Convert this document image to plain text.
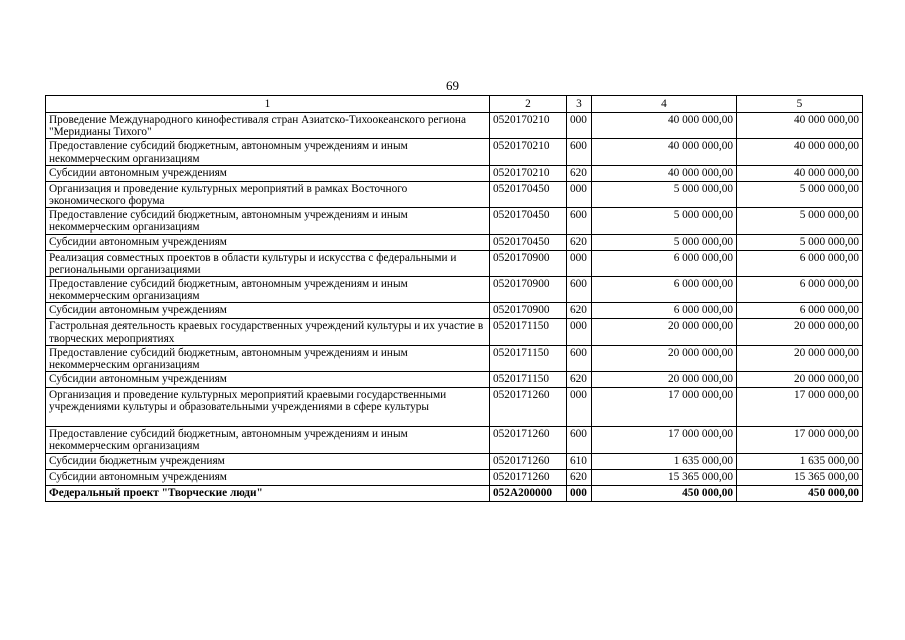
69
1	2	3	4	5
Проведение Международного кинофестиваля стран Азиатско-Тихоокеанского региона "Меридианы Тихого"	0520170210	000	40 000 000,00	40 000 000,00
Предоставление субсидий бюджетным, автономным учреждениям и иным некоммерческим организациям	0520170210	600	40 000 000,00	40 000 000,00
Субсидии автономным учреждениям	0520170210	620	40 000 000,00	40 000 000,00
Организация и проведение культурных мероприятий в рамках Восточного экономического форума	0520170450	000	5 000 000,00	5 000 000,00
Предоставление субсидий бюджетным, автономным учреждениям и иным некоммерческим организациям	0520170450	600	5 000 000,00	5 000 000,00
Субсидии автономным учреждениям	0520170450	620	5 000 000,00	5 000 000,00
Реализация совместных проектов в области культуры и искусства с федеральными и региональными организациями	0520170900	000	6 000 000,00	6 000 000,00
Предоставление субсидий бюджетным, автономным учреждениям и иным некоммерческим организациям	0520170900	600	6 000 000,00	6 000 000,00
Субсидии автономным учреждениям	0520170900	620	6 000 000,00	6 000 000,00
Гастрольная деятельность краевых государственных учреждений культуры и их участие в творческих мероприятиях	0520171150	000	20 000 000,00	20 000 000,00
Предоставление субсидий бюджетным, автономным учреждениям и иным некоммерческим организациям	0520171150	600	20 000 000,00	20 000 000,00
Субсидии автономным учреждениям	0520171150	620	20 000 000,00	20 000 000,00
Организация и проведение культурных мероприятий краевыми государственными учреждениями культуры и образовательными учреждениями в сфере культуры	0520171260	000	17 000 000,00	17 000 000,00
Предоставление субсидий бюджетным, автономным учреждениям и иным некоммерческим организациям	0520171260	600	17 000 000,00	17 000 000,00
Субсидии бюджетным учреждениям	0520171260	610	1 635 000,00	1 635 000,00
Субсидии автономным учреждениям	0520171260	620	15 365 000,00	15 365 000,00
Федеральный проект "Творческие люди"	052A200000	000	450 000,00	450 000,00
